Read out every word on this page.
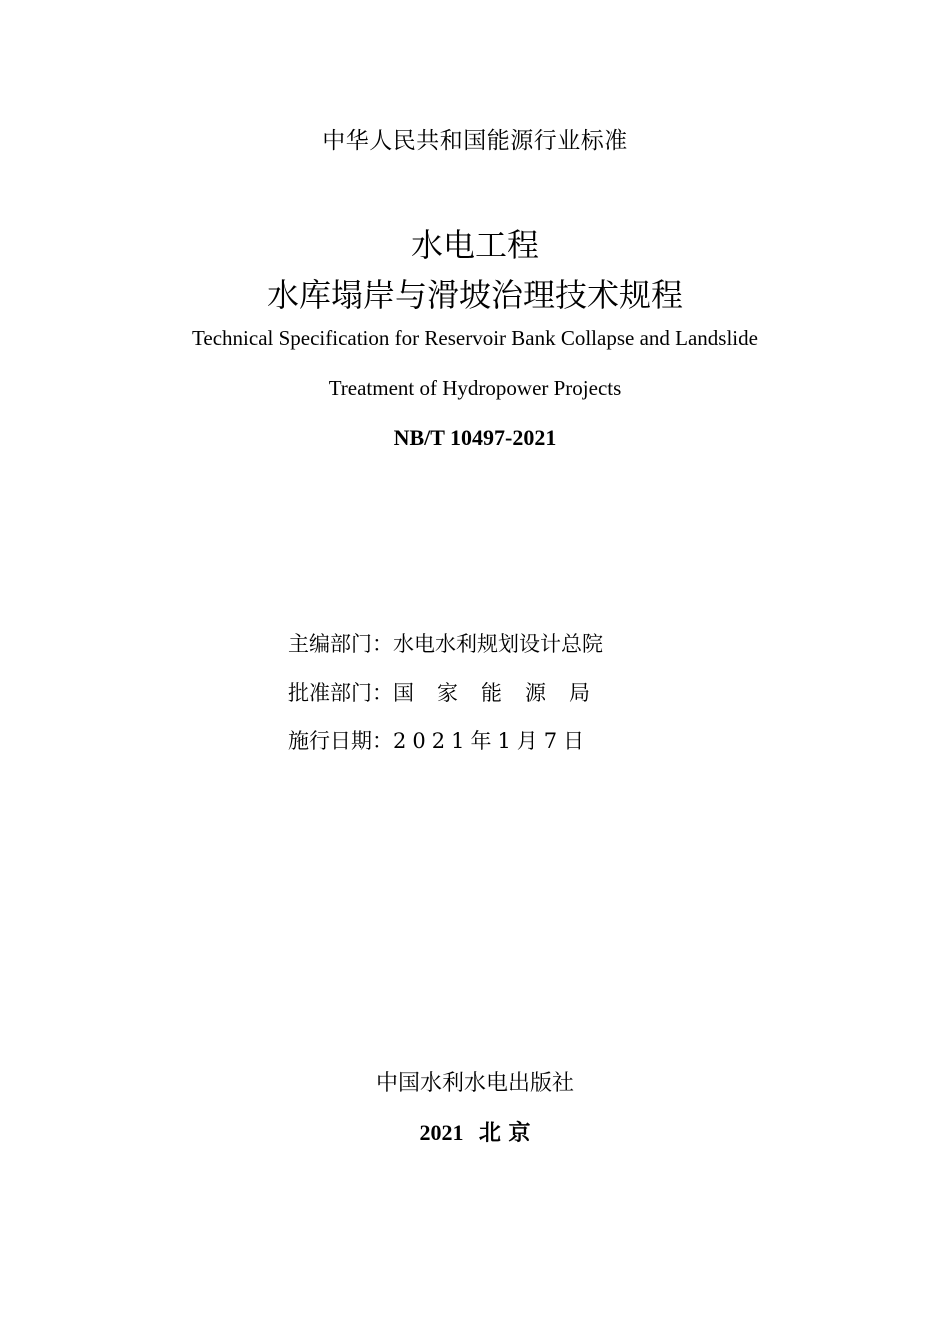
中华人民共和国能源行业标准
水电工程
水库塌岸与滑坡治理技术规程
Technical Specification for Reservoir Bank Collapse and Landslide
Treatment of Hydropower Projects
NB/T 10497-2021
主编部门：水电水利规划设计总院
批准部门：国家能源局
施行日期：2021年1月7日
中国水利水电出版社
2021 北 京
